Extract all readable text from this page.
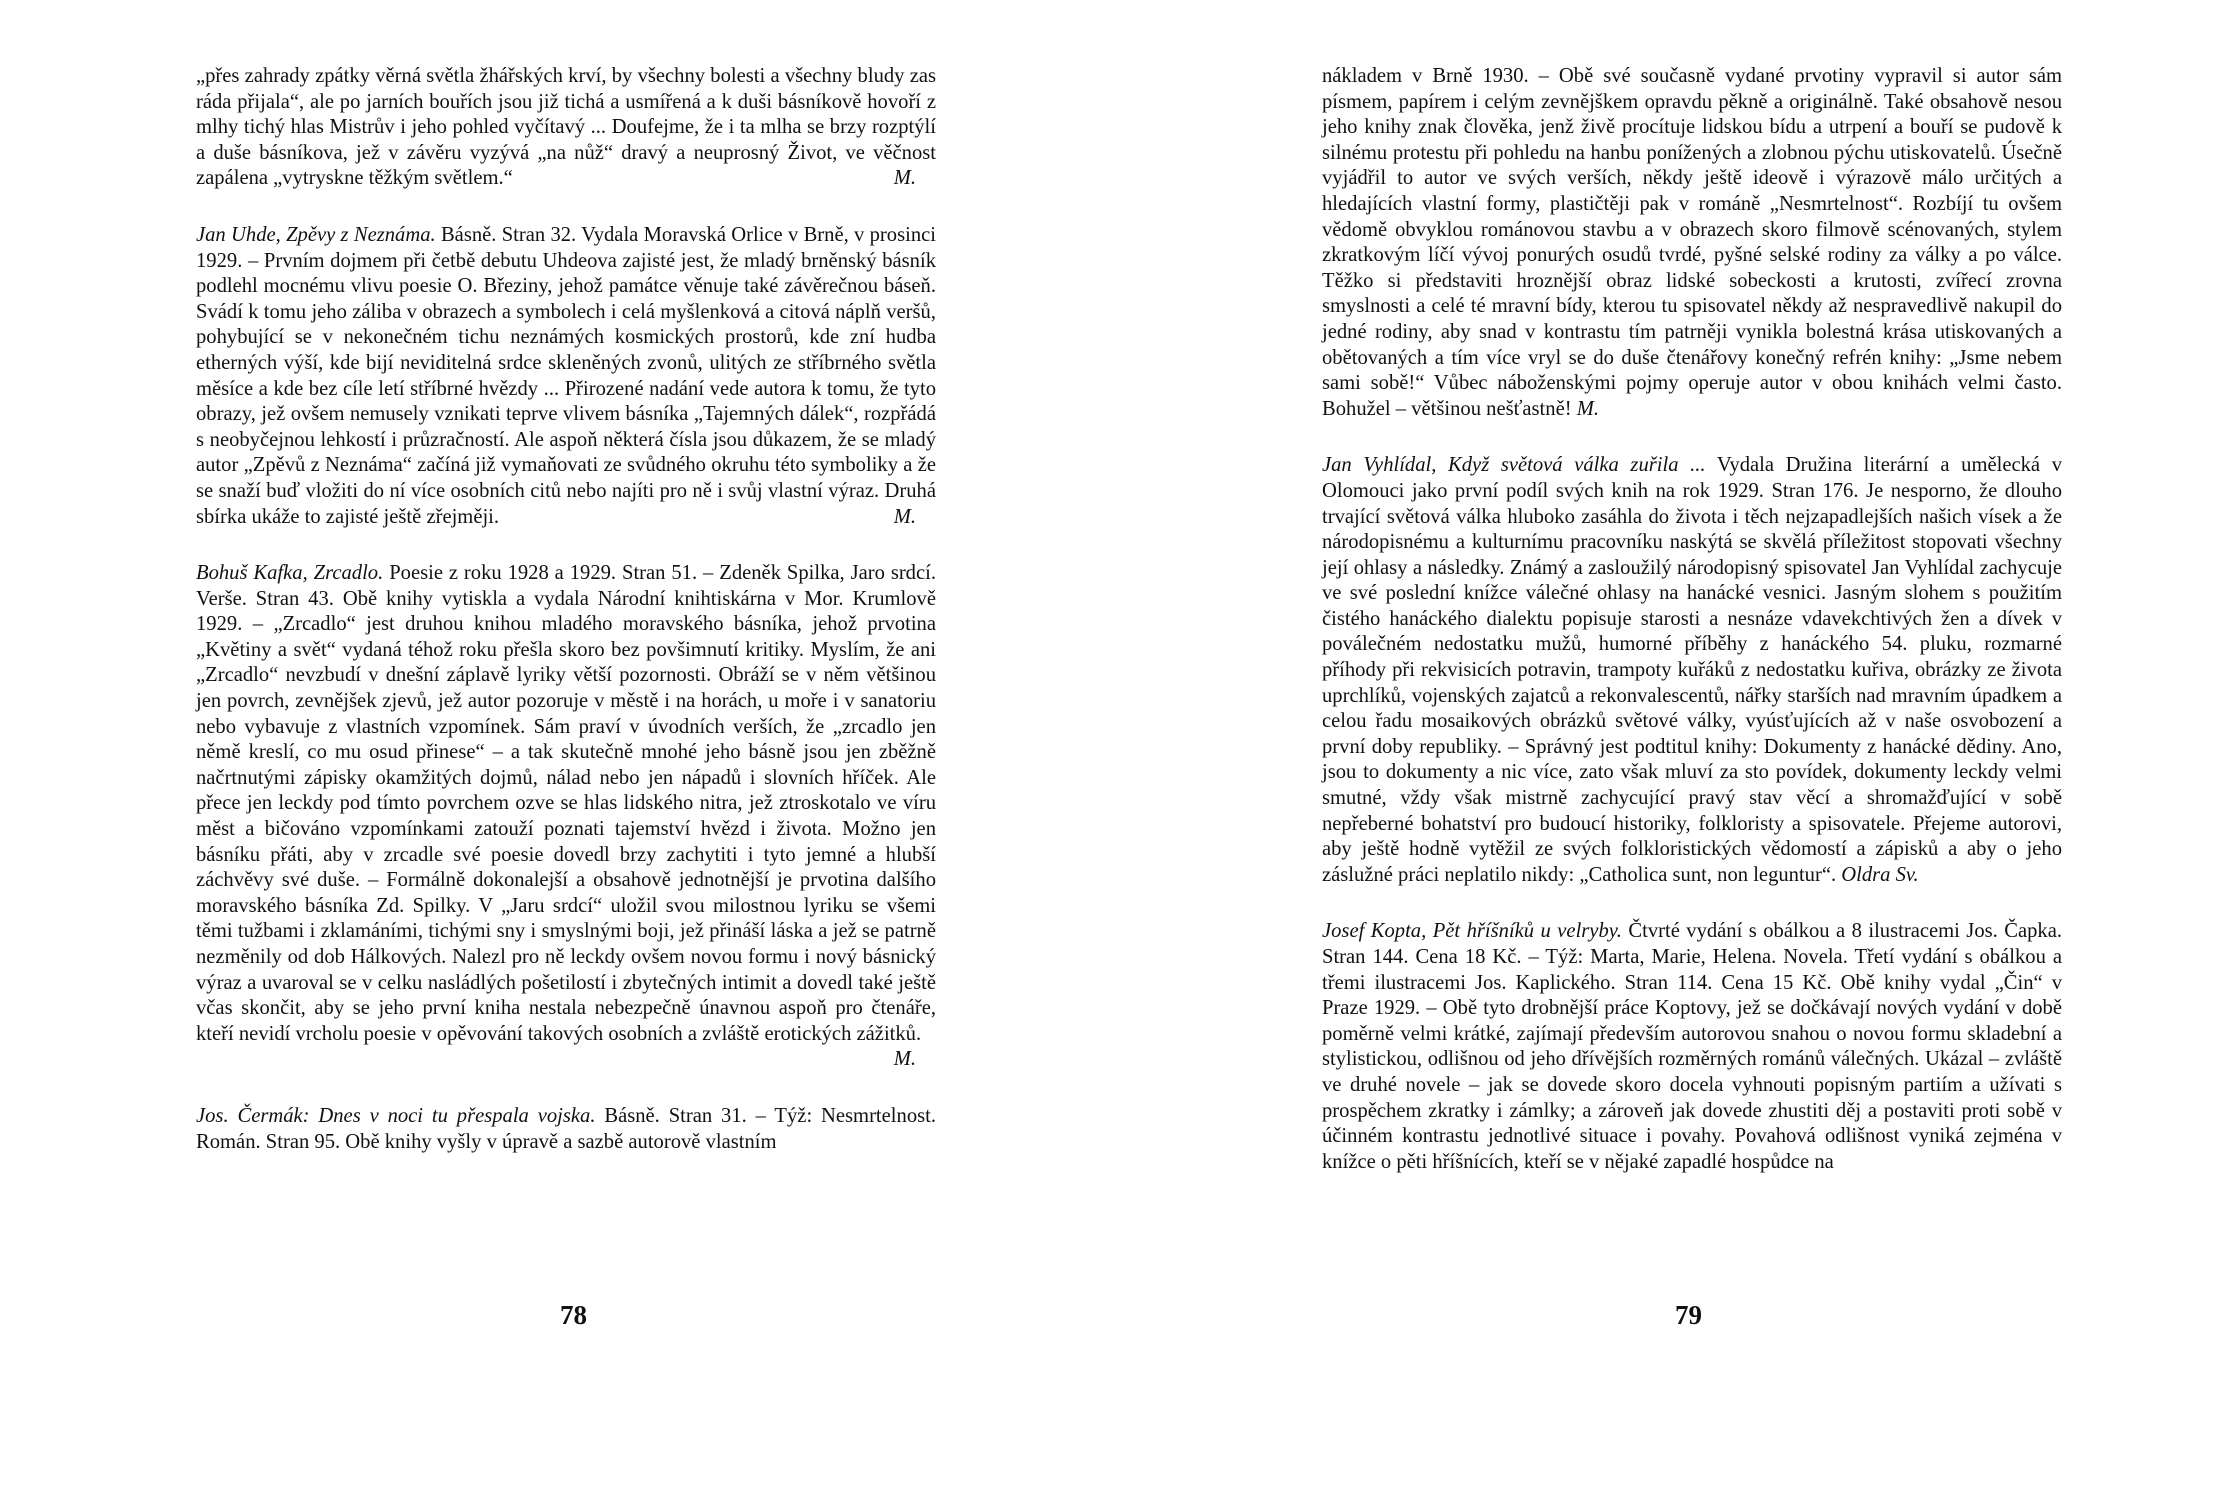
„přes zahrady zpátky věrná světla žhářských krví, by všechny bolesti a všechny bludy zas ráda přijala“, ale po jarních bouřích jsou již tichá a usmířená a k duši básníkově hovoří z mlhy tichý hlas Mistrův i jeho pohled vyčítavý ... Doufejme, že i ta mlha se brzy rozptýlí a duše básníkova, jež v závěru vyzývá „na nůž“ dravý a neuprosný Život, ve věčnost zapálena „vytryskne těžkým světlem.“	M.

Jan Uhde, Zpěvy z Neznáma. Básně. Stran 32. Vydala Moravská Orlice v Brně, v prosinci 1929. – Prvním dojmem při četbě debutu Uhdeova zajisté jest, že mladý brněnský básník podlehl mocnému vlivu poesie O. Březiny, jehož památce věnuje také závěrečnou báseň. Svádí k tomu jeho záliba v obrazech a symbolech i celá myšlenková a citová náplň veršů, pohybující se v nekonečném tichu neznámých kosmických prostorů, kde zní hudba etherných výší, kde bijí neviditelná srdce skleněných zvonů, ulitých ze stříbrného světla měsíce a kde bez cíle letí stříbrné hvězdy ... Přirozené nadání vede autora k tomu, že tyto obrazy, jež ovšem nemusely vznikati teprve vlivem básníka „Tajemných dálek“, rozpřádá s neobyčejnou lehkostí i průzračností. Ale aspoň některá čísla jsou důkazem, že se mladý autor „Zpěvů z Neznáma“ začíná již vymaňovati ze svůdného okruhu této symboliky a že se snaží buď vložiti do ní více osobních citů nebo najíti pro ně i svůj vlastní výraz. Druhá sbírka ukáže to zajisté ještě zřejměji.	M.

Bohuš Kafka, Zrcadlo. Poesie z roku 1928 a 1929. Stran 51. – Zdeněk Spilka, Jaro srdcí. Verše. Stran 43. Obě knihy vytiskla a vydala Národní knihtiskárna v Mor. Krumlově 1929. – „Zrcadlo“ jest druhou knihou mladého moravského básníka, jehož prvotina „Květiny a svět“ vydaná téhož roku přešla skoro bez povšimnutí kritiky. Myslím, že ani „Zrcadlo“ nevzbudí v dnešní záplavě lyriky větší pozornosti. Obráží se v něm většinou jen povrch, zevnějšek zjevů, jež autor pozoruje v městě i na horách, u moře i v sanatoriu nebo vybavuje z vlastních vzpomínek. Sám praví v úvodních verších, že „zrcadlo jen němě kreslí, co mu osud přinese“ – a tak skutečně mnohé jeho básně jsou jen zběžně načrtnutými zápisky okamžitých dojmů, nálad nebo jen nápadů i slovních hříček. Ale přece jen leckdy pod tímto povrchem ozve se hlas lidského nitra, jež ztroskotalo ve víru měst a bičováno vzpomínkami zatouží poznati tajemství hvězd i života. Možno jen básníku přáti, aby v zrcadle své poesie dovedl brzy zachytiti i tyto jemné a hlubší záchvěvy své duše. – Formálně dokonalejší a obsahově jednotnější je prvotina dalšího moravského básníka Zd. Spilky. V „Jaru srdcí“ uložil svou milostnou lyriku se všemi těmi tužbami i zklamáními, tichými sny i smyslnými boji, jež přináší láska a jež se patrně nezměnily od dob Hálkových. Nalezl pro ně leckdy ovšem novou formu i nový básnický výraz a uvaroval se v celku nasládlých pošetilostí i zbytečných intimit a dovedl také ještě včas skončit, aby se jeho první kniha nestala nebezpečně únavnou aspoň pro čtenáře, kteří nevidí vrcholu poesie v opěvování takových osobních a zvláště erotických zážitků.
M.

Jos. Čermák: Dnes v noci tu přespala vojska. Básně. Stran 31. – Týž: Nesmrtelnost. Román. Stran 95. Obě knihy vyšly v úpravě a sazbě autorově vlastním

78

nákladem v Brně 1930. – Obě své současně vydané prvotiny vypravil si autor sám písmem, papírem i celým zevnějškem opravdu pěkně a originálně. Také obsahově nesou jeho knihy znak člověka, jenž živě procítuje lidskou bídu a utrpení a bouří se pudově k silnému protestu při pohledu na hanbu ponížených a zlobnou pýchu utiskovatelů. Úsečně vyjádřil to autor ve svých verších, někdy ještě ideově i výrazově málo určitých a hledajících vlastní formy, plastičtěji pak v románě „Nesmrtelnost“. Rozbíjí tu ovšem vědomě obvyklou románovou stavbu a v obrazech skoro filmově scénovaných, stylem zkratkovým líčí vývoj ponurých osudů tvrdé, pyšné selské rodiny za války a po válce. Těžko si představiti hroznější obraz lidské sobeckosti a krutosti, zvířecí zrovna smyslnosti a celé té mravní bídy, kterou tu spisovatel někdy až nespravedlivě nakupil do jedné rodiny, aby snad v kontrastu tím patrněji vynikla bolestná krása utiskovaných a obětovaných a tím více vryl se do duše čtenářovy konečný refrén knihy: „Jsme nebem sami sobě!“ Vůbec náboženskými pojmy operuje autor v obou knihách velmi často. Bohužel – většinou nešťastně! M.

Jan Vyhlídal, Když světová válka zuřila ... Vydala Družina literární a umělecká v Olomouci jako první podíl svých knih na rok 1929. Stran 176. Je nesporno, že dlouho trvající světová válka hluboko zasáhla do života i těch nejzapadlejších našich vísek a že národopisnému a kulturnímu pracovníku naskýtá se skvělá příležitost stopovati všechny její ohlasy a následky. Známý a zasloužilý národopisný spisovatel Jan Vyhlídal zachycuje ve své poslední knížce válečné ohlasy na hanácké vesnici. Jasným slohem s použitím čistého hanáckého dialektu popisuje starosti a nesnáze vdavekchtivých žen a dívek v poválečném nedostatku mužů, humorné příběhy z hanáckého 54. pluku, rozmarné příhody při rekvisicích potravin, trampoty kuřáků z nedostatku kuřiva, obrázky ze života uprchlíků, vojenských zajatců a rekonvalescentů, nářky starších nad mravním úpadkem a celou řadu mosaikových obrázků světové války, vyúsťujících až v naše osvobození a první doby republiky. – Správný jest podtitul knihy: Dokumenty z hanácké dědiny. Ano, jsou to dokumenty a nic více, zato však mluví za sto povídek, dokumenty leckdy velmi smutné, vždy však mistrně zachycující pravý stav věcí a shromažďující v sobě nepřeberné bohatství pro budoucí historiky, folkloristy a spisovatele. Přejeme autorovi, aby ještě hodně vytěžil ze svých folkloristických vědomostí a zápisků a aby o jeho záslužné práci neplatilo nikdy: „Catholica sunt, non leguntur“. Oldra Sv.

Josef Kopta, Pět hříšníků u velryby. Čtvrté vydání s obálkou a 8 ilustracemi Jos. Čapka. Stran 144. Cena 18 Kč. – Týž: Marta, Marie, Helena. Novela. Třetí vydání s obálkou a třemi ilustracemi Jos. Kaplického. Stran 114. Cena 15 Kč. Obě knihy vydal „Čin“ v Praze 1929. – Obě tyto drobnější práce Koptovy, jež se dočkávají nových vydání v době poměrně velmi krátké, zajímají především autorovou snahou o novou formu skladební a stylistickou, odlišnou od jeho dřívějších rozměrných románů válečných. Ukázal – zvláště ve druhé novele – jak se dovede skoro docela vyhnouti popisným partiím a užívati s prospěchem zkratky i zámlky; a zároveň jak dovede zhustiti děj a postaviti proti sobě v účinném kontrastu jednotlivé situace i povahy. Povahová odlišnost vyniká zejména v knížce o pěti hříšnících, kteří se v nějaké zapadlé hospůdce na

79
